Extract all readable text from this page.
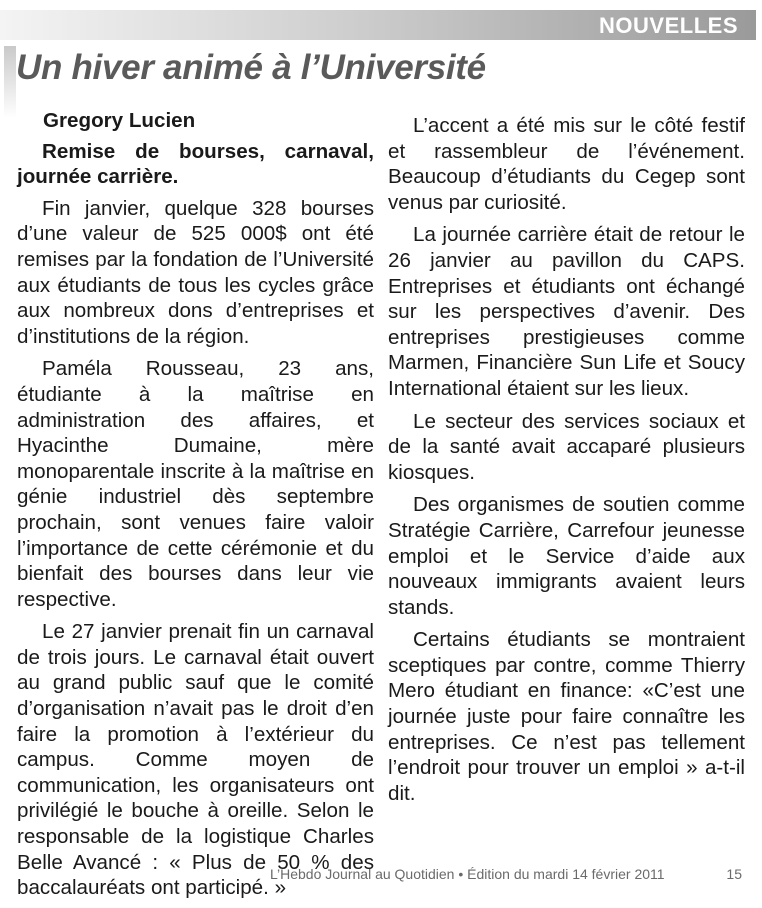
NOUVELLES
Un hiver animé à l’Université
Gregory Lucien
Remise de bourses, carnaval, journée carrière.

Fin janvier, quelque 328 bourses d’une valeur de 525 000$ ont été remises par la fondation de l’Université aux étudiants de tous les cycles grâce aux nombreux dons d’entreprises et d’institutions de la région.

Paméla Rousseau, 23 ans, étudiante à la maîtrise en administration des affaires, et Hyacinthe Dumaine, mère monoparentale inscrite à la maîtrise en génie industriel dès septembre prochain, sont venues faire valoir l’importance de cette cérémonie et du bienfait des bourses dans leur vie respective.

Le 27 janvier prenait fin un carnaval de trois jours. Le carnaval était ouvert au grand public sauf que le comité d’organisation n’avait pas le droit d’en faire la promotion à l’extérieur du campus. Comme moyen de communication, les organisateurs ont privilégié le bouche à oreille. Selon le responsable de la logistique Charles Belle Avancé : « Plus de 50 % des baccalauréats ont participé. »

L’accent a été mis sur le côté festif et rassembleur de l’événement. Beaucoup d’étudiants du Cegep sont venus par curiosité.

La journée carrière était de retour le 26 janvier au pavillon du CAPS. Entreprises et étudiants ont échangé sur les perspectives d’avenir. Des entreprises prestigieuses comme Marmen, Financière Sun Life et Soucy International étaient sur les lieux.

Le secteur des services sociaux et de la santé avait accaparé plusieurs kiosques.

Des organismes de soutien comme Stratégie Carrière, Carrefour jeunesse emploi et le Service d’aide aux nouveaux immigrants avaient leurs stands.

Certains étudiants se montraient sceptiques par contre, comme Thierry Mero étudiant en finance: «C’est une journée juste pour faire connaître les entreprises. Ce n’est pas tellement l’endroit pour trouver un emploi » a-t-il dit.

L’Hebdo Journal au Quotidien • Édition du mardi 14 février 2011	15
